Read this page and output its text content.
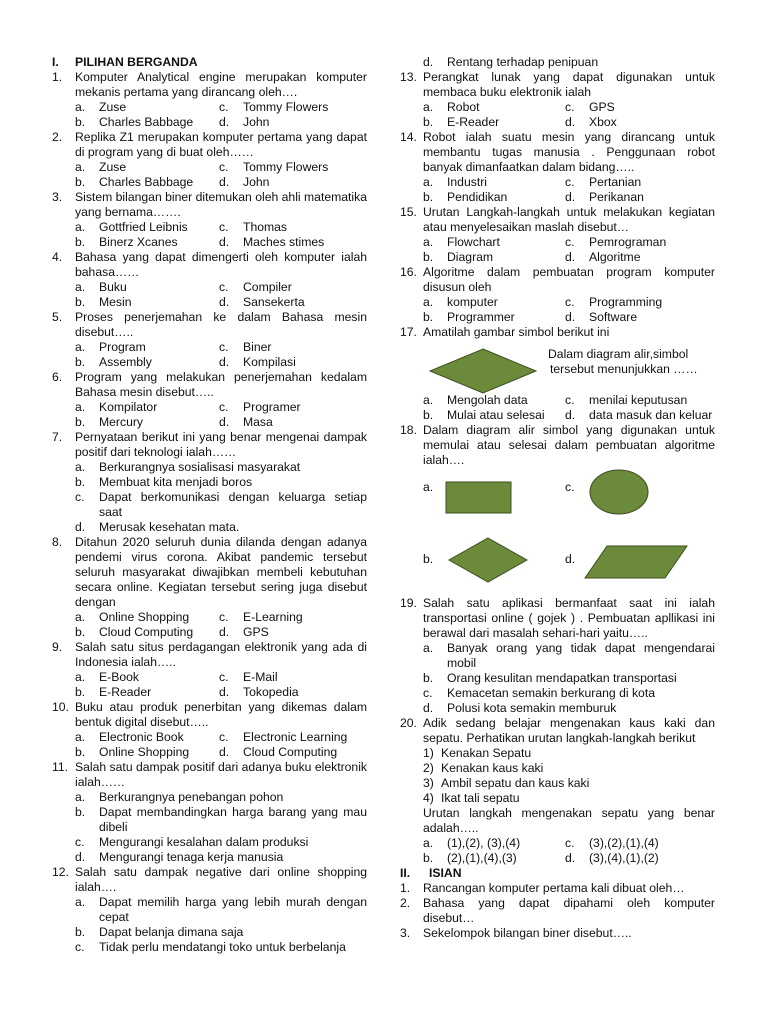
I. PILIHAN BERGANDA
1.	Komputer Analytical engine merupakan komputer mekanis pertama yang dirancang oleh….
a.	Zuse	c.	Tommy Flowers
b.	Charles Babbage	d.	John
2.	Replika Z1 merupakan komputer pertama yang dapat di program yang di buat oleh……
a.	Zuse	c.	Tommy Flowers
b.	Charles Babbage	d.	John
3.	Sistem bilangan biner ditemukan oleh ahli matematika yang bernama…….
a.	Gottfried Leibnis	c.	Thomas
b.	Binerz Xcanes	d.	Maches stimes
4.	Bahasa yang dapat dimengerti oleh komputer ialah bahasa……
a.	Buku	c.	Compiler
b.	Mesin	d.	Sansekerta
5.	Proses penerjemahan ke dalam Bahasa mesin disebut…..
a.	Program	c.	Biner
b.	Assembly	d.	Kompilasi
6.	Program yang melakukan penerjemahan kedalam Bahasa mesin disebut…..
a.	Kompilator	c.	Programer
b.	Mercury	d.	Masa
7.	Pernyataan berikut ini yang benar mengenai dampak positif dari teknologi ialah……
a.	Berkurangnya sosialisasi masyarakat
b.	Membuat kita menjadi boros
c.	Dapat berkomunikasi dengan keluarga setiap saat
d.	Merusak kesehatan mata.
8.	Ditahun 2020 seluruh dunia dilanda dengan adanya pendemi virus corona. Akibat pandemic tersebut seluruh masyarakat diwajibkan membeli kebutuhan secara online. Kegiatan tersebut sering juga disebut dengan
a.	Online Shopping	c.	E-Learning
b.	Cloud Computing	d.	GPS
9.	Salah satu situs perdagangan elektronik yang ada di Indonesia ialah…..
a.	E-Book	c.	E-Mail
b.	E-Reader	d.	Tokopedia
10. Buku atau produk penerbitan yang dikemas dalam bentuk digital disebut…..
a.	Electronic Book	c.	Electronic Learning
b.	Online Shopping	d.	Cloud Computing
11. Salah satu dampak positif dari adanya buku elektronik ialah……
a.	Berkurangnya penebangan pohon
b.	Dapat membandingkan harga barang yang mau dibeli
c.	Mengurangi kesalahan dalam produksi
d.	Mengurangi tenaga kerja manusia
12. Salah satu dampak negative dari online shopping ialah….
a.	Dapat memilih harga yang lebih murah dengan cepat
b.	Dapat belanja dimana saja
c.	Tidak perlu mendatangi toko untuk berbelanja
d.	Rentang terhadap penipuan
13. Perangkat lunak yang dapat digunakan untuk membaca buku elektronik ialah
a.	Robot	c.	GPS
b.	E-Reader	d.	Xbox
14. Robot ialah suatu mesin yang dirancang untuk membantu tugas manusia . Penggunaan robot banyak dimanfaatkan dalam bidang…..
a.	Industri	c.	Pertanian
b.	Pendidikan	d.	Perikanan
15. Urutan Langkah-langkah untuk melakukan kegiatan atau menyelesaikan maslah disebut…
a.	Flowchart	c.	Pemrograman
b.	Diagram	d.	Algoritme
16. Algoritme dalam pembuatan program komputer disusun oleh
a.	komputer	c.	Programming
b.	Programmer	d.	Software
17. Amatilah gambar simbol berikut ini
Dalam diagram alir,simbol
tersebut menunjukkan ……
a.	Mengolah data	c.	menilai keputusan
b.	Mulai atau selesai	d.	data masuk dan keluar
18. Dalam diagram alir simbol yang digunakan untuk memulai atau selesai dalam pembuatan algoritme ialah….
a.	c.
b.	d.
19. Salah satu aplikasi bermanfaat saat ini ialah transportasi online ( gojek ) . Pembuatan apllikasi ini berawal dari masalah sehari-hari yaitu…..
a.	Banyak orang yang tidak dapat mengendarai mobil
b.	Orang kesulitan mendapatkan transportasi
c.	Kemacetan semakin berkurang di kota
d.	Polusi kota semakin memburuk
20. Adik sedang belajar mengenakan kaus kaki dan sepatu. Perhatikan urutan langkah-langkah berikut
1) Kenakan Sepatu
2) Kenakan kaus kaki
3) Ambil sepatu dan kaus kaki
4) Ikat tali sepatu
Urutan langkah mengenakan sepatu yang benar adalah…..
a.	(1),(2), (3),(4)	c.	(3),(2),(1),(4)
b.	(2),(1),(4),(3)	d.	(3),(4),(1),(2)
II. ISIAN
1.	Rancangan komputer pertama kali dibuat oleh…
2.	Bahasa yang dapat dipahami oleh komputer disebut…
3.	Sekelompok bilangan biner disebut…..
